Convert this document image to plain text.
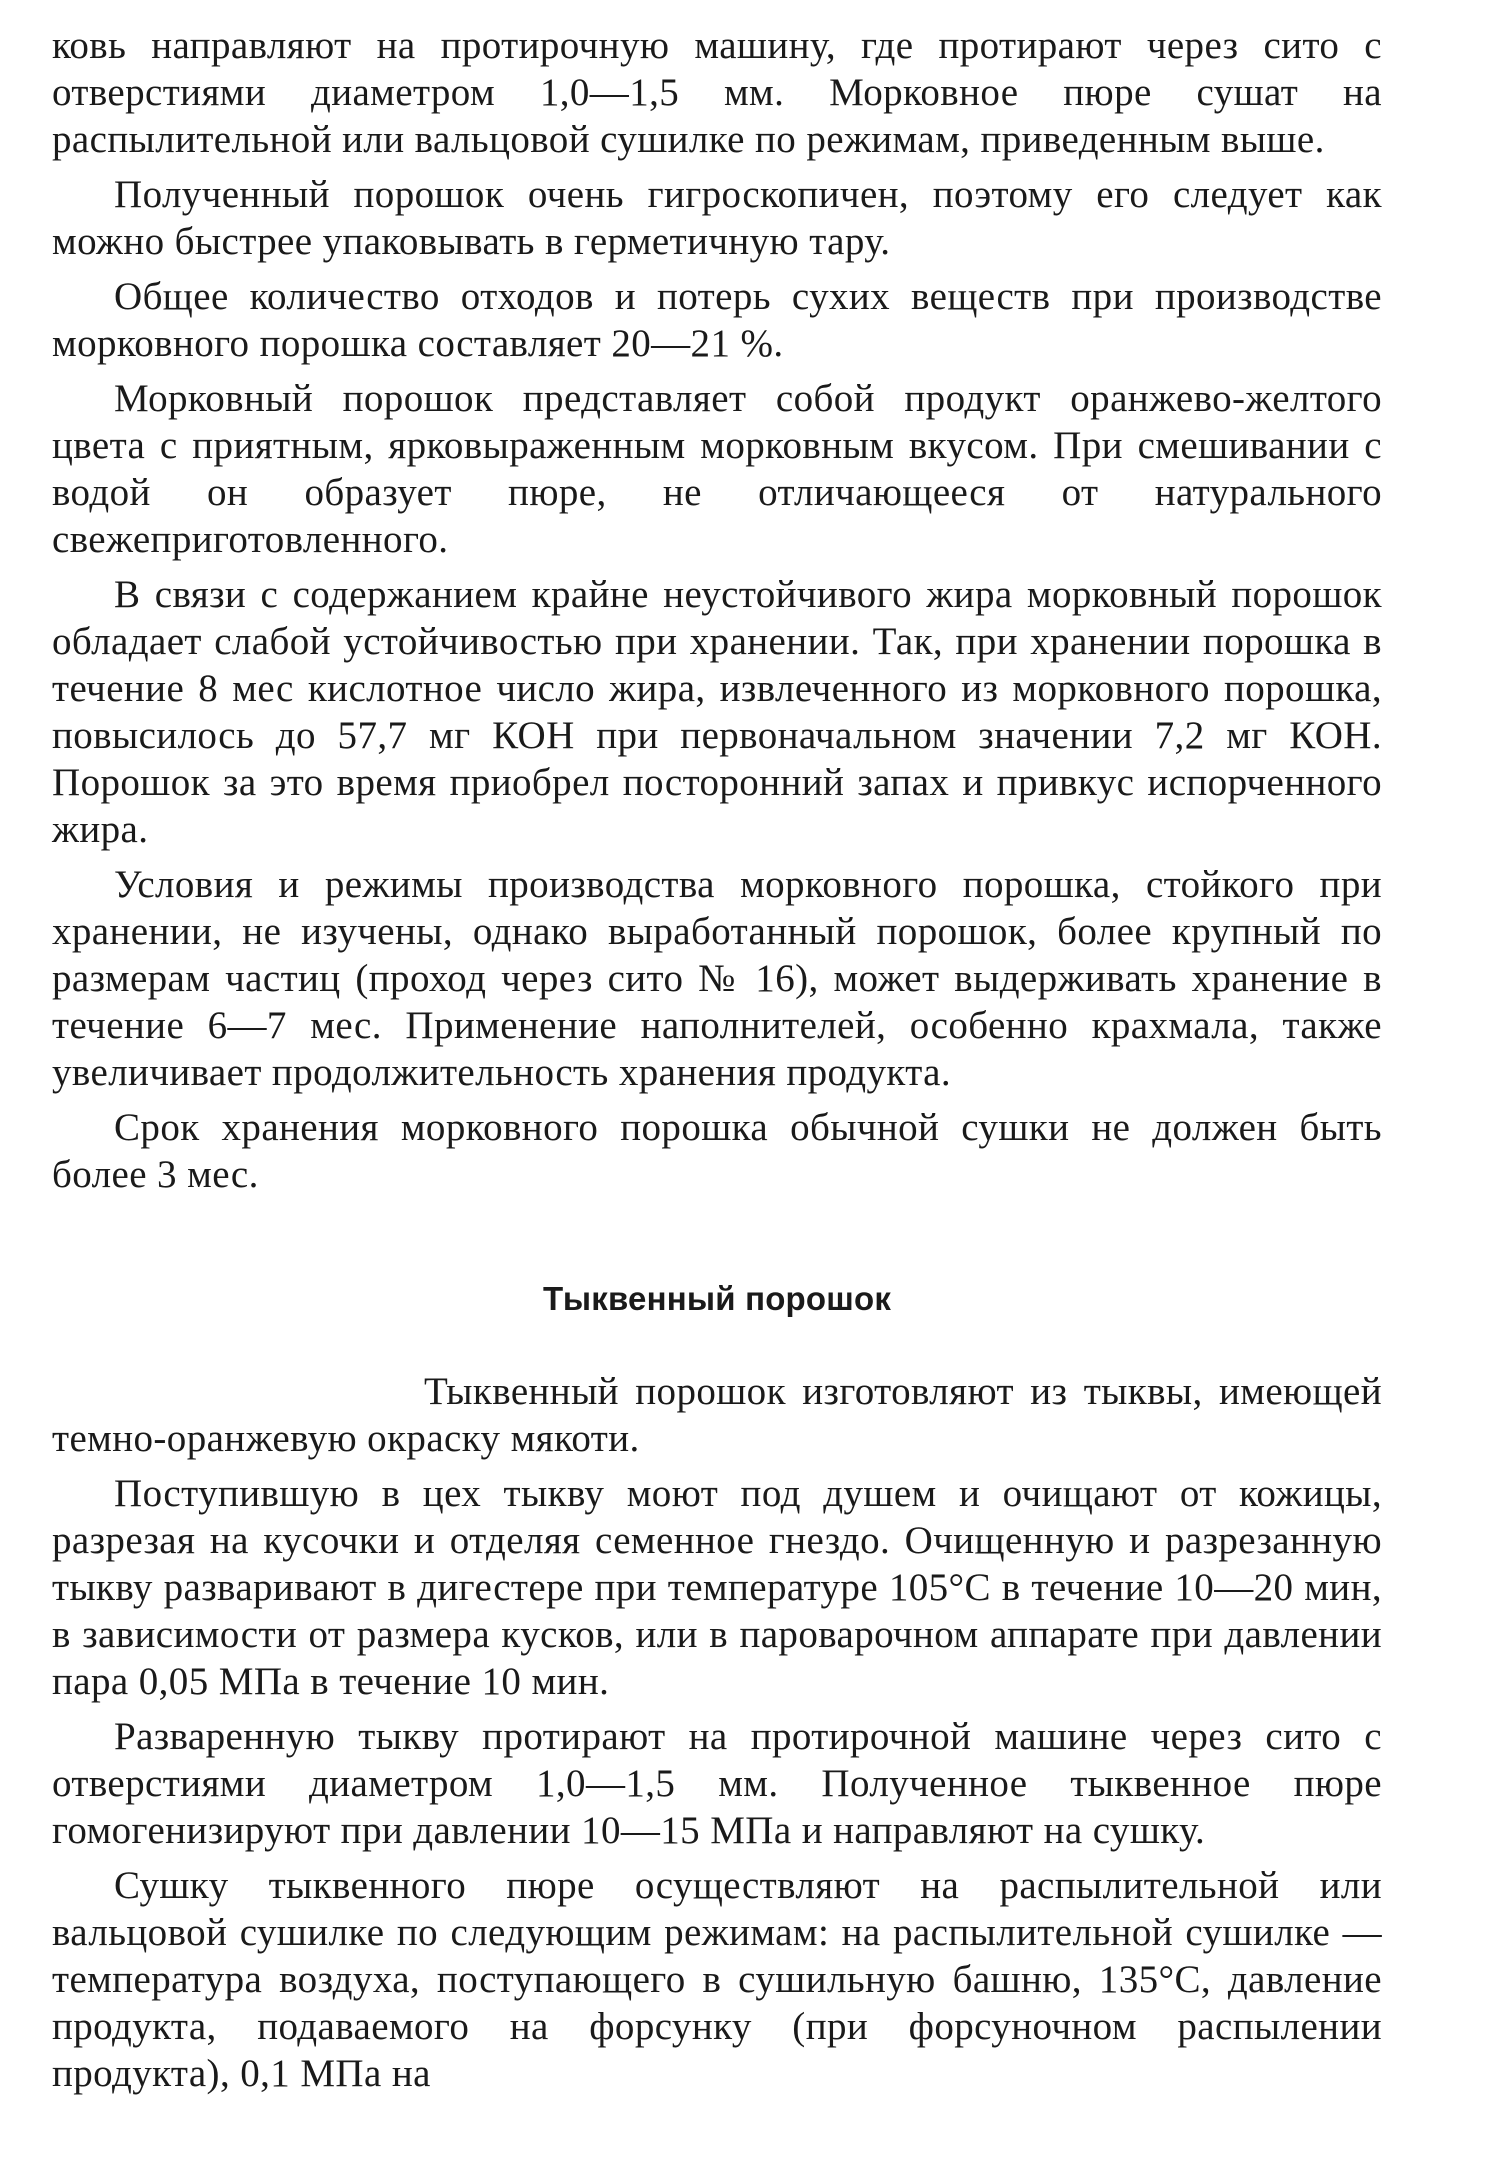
ковь направляют на протирочную машину, где протирают через сито с отверстиями диаметром 1,0—1,5 мм. Морковное пюре сушат на распылительной или вальцовой сушилке по режимам, приведенным выше.

Полученный порошок очень гигроскопичен, поэтому его следует как можно быстрее упаковывать в герметичную тару.

Общее количество отходов и потерь сухих веществ при производстве морковного порошка составляет 20—21 %.

Морковный порошок представляет собой продукт оранжево-желтого цвета с приятным, ярковыраженным морковным вкусом. При смешивании с водой он образует пюре, не отличающееся от натурального свежеприготовленного.

В связи с содержанием крайне неустойчивого жира морковный порошок обладает слабой устойчивостью при хранении. Так, при хранении порошка в течение 8 мес кислотное число жира, извлеченного из морковного порошка, повысилось до 57,7 мг КОН при первоначальном значении 7,2 мг КОН. Порошок за это время приобрел посторонний запах и привкус испорченного жира.

Условия и режимы производства морковного порошка, стойкого при хранении, не изучены, однако выработанный порошок, более крупный по размерам частиц (проход через сито № 16), может выдерживать хранение в течение 6—7 мес. Применение наполнителей, особенно крахмала, также увеличивает продолжительность хранения продукта.

Срок хранения морковного порошка обычной сушки не должен быть более 3 мес.

Тыквенный порошок

Тыквенный порошок изготовляют из тыквы, имеющей темно-оранжевую окраску мякоти.

Поступившую в цех тыкву моют под душем и очищают от кожицы, разрезая на кусочки и отделяя семенное гнездо. Очищенную и разрезанную тыкву разваривают в дигестере при температуре 105°С в течение 10—20 мин, в зависимости от размера кусков, или в пароварочном аппарате при давлении пара 0,05 МПа в течение 10 мин.

Разваренную тыкву протирают на протирочной машине через сито с отверстиями диаметром 1,0—1,5 мм. Полученное тыквенное пюре гомогенизируют при давлении 10—15 МПа и направляют на сушку.

Сушку тыквенного пюре осуществляют на распылительной или вальцовой сушилке по следующим режимам: на распылительной сушилке — температура воздуха, поступающего в сушильную башню, 135°С, давление продукта, подаваемого на форсунку (при форсуночном распылении продукта), 0,1 МПа на
